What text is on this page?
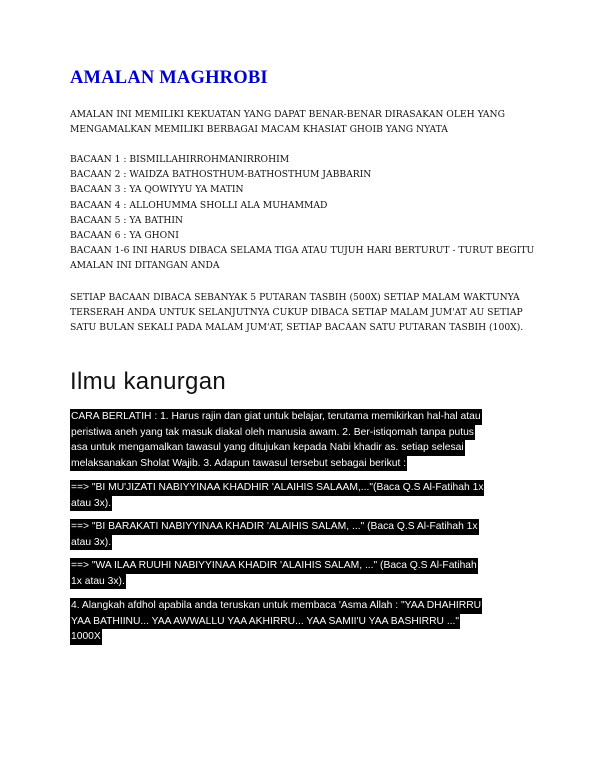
AMALAN MAGHROBI
AMALAN INI MEMILIKI KEKUATAN YANG DAPAT BENAR-BENAR DIRASAKAN OLEH YANG
MENGAMALKAN MEMILIKI BERBAGAI MACAM KHASIAT GHOIB YANG NYATA
BACAAN 1 : BISMILLAHIRROHMANIRROHIM
BACAAN 2 : WAIDZA BATHOSTHUM-BATHOSTHUM JABBARIN
BACAAN 3 : YA QOWIYYU YA MATIN
BACAAN 4 : ALLOHUMMA SHOLLI ALA MUHAMMAD
BACAAN 5 : YA BATHIN
BACAAN 6 : YA GHONI
BACAAN 1-6 INI HARUS DIBACA SELAMA TIGA ATAU TUJUH HARI BERTURUT - TURUT BEGITU
AMALAN INI DITANGAN ANDA
SETIAP BACAAN DIBACA SEBANYAK 5 PUTARAN TASBIH (500X) SETIAP MALAM WAKTUNYA
TERSERAH ANDA UNTUK SELANJUTNYA CUKUP DIBACA SETIAP MALAM JUM'AT AU SETIAP
SATU BULAN SEKALI PADA MALAM JUM'AT, SETIAP BACAAN SATU PUTARAN TASBIH (100X).
Ilmu kanurgan
CARA BERLATIH : 1. Harus rajin dan giat untuk belajar, terutama memikirkan hal-hal atau
peristiwa aneh yang tak masuk diakal oleh manusia awam. 2. Ber-istiqomah tanpa putus
asa untuk mengamalkan tawasul yang ditujukan kepada Nabi khadir as. setiap selesai
melaksanakan Sholat Wajib. 3. Adapun tawasul tersebut sebagai berikut :
==> "BI MU'JIZATI NABIYYINAA KHADHIR 'ALAIHIS SALAAM,..."(Baca Q.S Al-Fatihah 1x
atau 3x).
==> "BI BARAKATI NABIYYINAA KHADIR 'ALAIHIS SALAM, ..." (Baca Q.S Al-Fatihah 1x
atau 3x).
==> "WA ILAA RUUHI NABIYYINAA KHADIR 'ALAIHIS SALAM, ..." (Baca Q.S Al-Fatihah
1x atau 3x).
4. Alangkah afdhol apabila anda teruskan untuk membaca 'Asma Allah : "YAA DHAHIRRU
YAA BATHIINU... YAA AWWALLU YAA AKHIRRU... YAA SAMII'U YAA BASHIRRU ..."
1000X
